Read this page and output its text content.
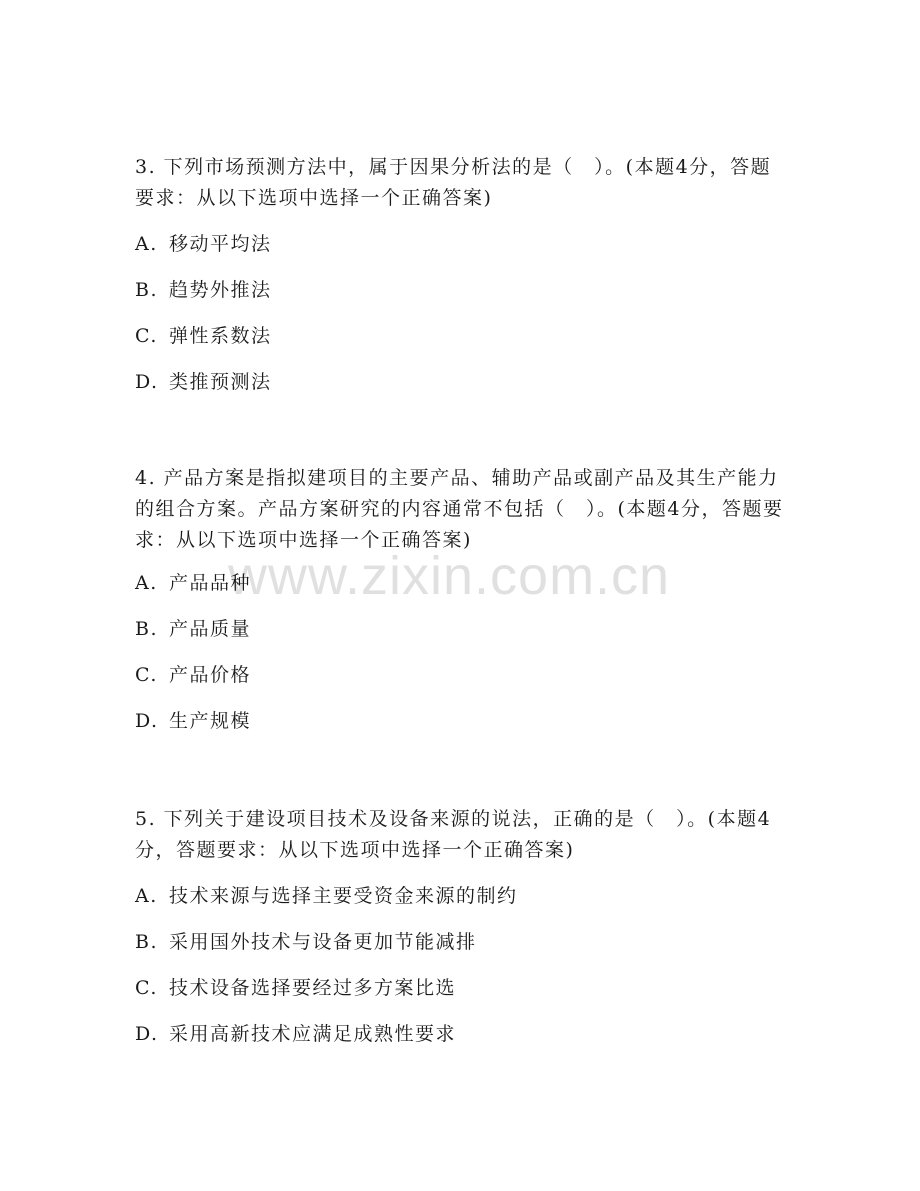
3. 下列市场预测方法中，属于因果分析法的是（　）。(本题4分，答题要求：从以下选项中选择一个正确答案)

A. 移动平均法
B. 趋势外推法
C. 弹性系数法
D. 类推预测法

4. 产品方案是指拟建项目的主要产品、辅助产品或副产品及其生产能力的组合方案。产品方案研究的内容通常不包括（　）。(本题4分，答题要求：从以下选项中选择一个正确答案)

A. 产品品种
B. 产品质量
C. 产品价格
D. 生产规模

5. 下列关于建设项目技术及设备来源的说法，正确的是（　）。(本题4分，答题要求：从以下选项中选择一个正确答案)

A. 技术来源与选择主要受资金来源的制约
B. 采用国外技术与设备更加节能减排
C. 技术设备选择要经过多方案比选
D. 采用高新技术应满足成熟性要求
www.zixin.com.cn
